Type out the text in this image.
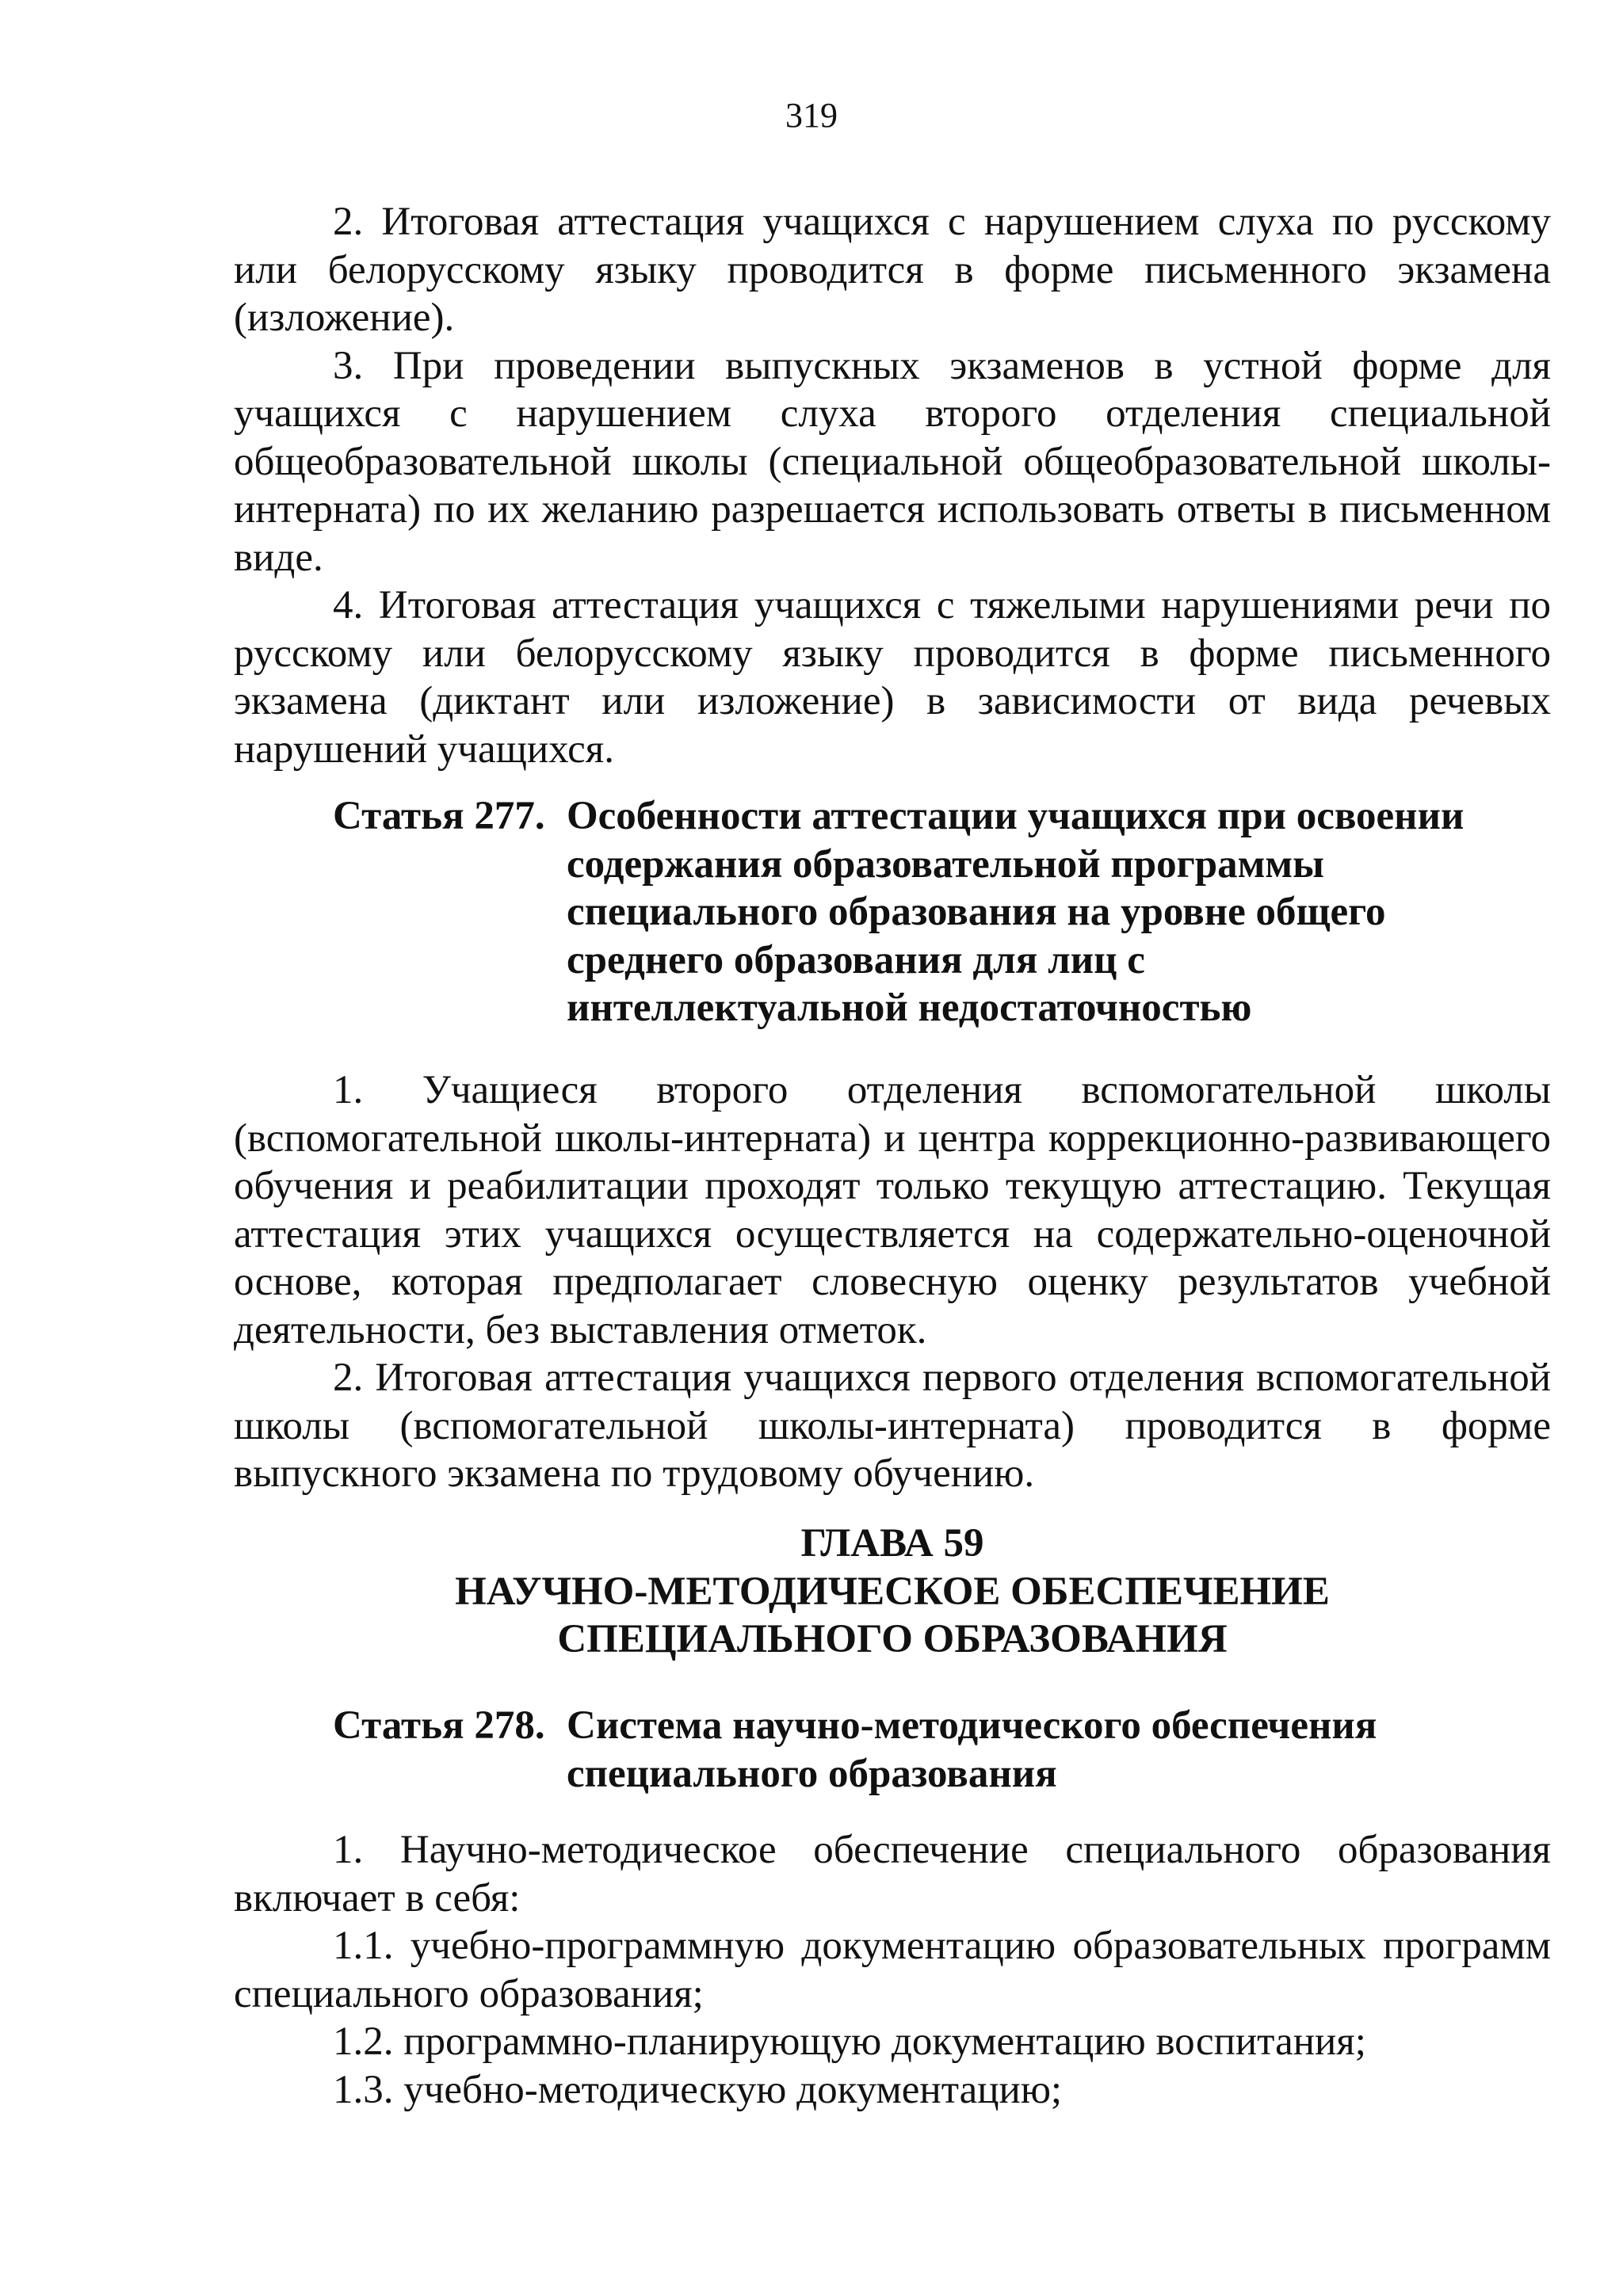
319

2. Итоговая аттестация учащихся с нарушением слуха по русскому или белорусскому языку проводится в форме письменного экзамена (изложение).

3. При проведении выпускных экзаменов в устной форме для учащихся с нарушением слуха второго отделения специальной общеобразовательной школы (специальной общеобразовательной школы-интерната) по их желанию разрешается использовать ответы в письменном виде.

4. Итоговая аттестация учащихся с тяжелыми нарушениями речи по русскому или белорусскому языку проводится в форме письменного экзамена (диктант или изложение) в зависимости от вида речевых нарушений учащихся.

Статья 277. Особенности аттестации учащихся при освоении содержания образовательной программы специального образования на уровне общего среднего образования для лиц с интеллектуальной недостаточностью

1. Учащиеся второго отделения вспомогательной школы (вспомогательной школы-интерната) и центра коррекционно-развивающего обучения и реабилитации проходят только текущую аттестацию. Текущая аттестация этих учащихся осуществляется на содержательно-оценочной основе, которая предполагает словесную оценку результатов учебной деятельности, без выставления отметок.

2. Итоговая аттестация учащихся первого отделения вспомогательной школы (вспомогательной школы-интерната) проводится в форме выпускного экзамена по трудовому обучению.

ГЛАВА 59
НАУЧНО-МЕТОДИЧЕСКОЕ ОБЕСПЕЧЕНИЕ
СПЕЦИАЛЬНОГО ОБРАЗОВАНИЯ
Статья 278. Система научно-методического обеспечения специального образования

1. Научно-методическое обеспечение специального образования включает в себя:

1.1. учебно-программную документацию образовательных программ специального образования;

1.2. программно-планирующую документацию воспитания;

1.3. учебно-методическую документацию;
